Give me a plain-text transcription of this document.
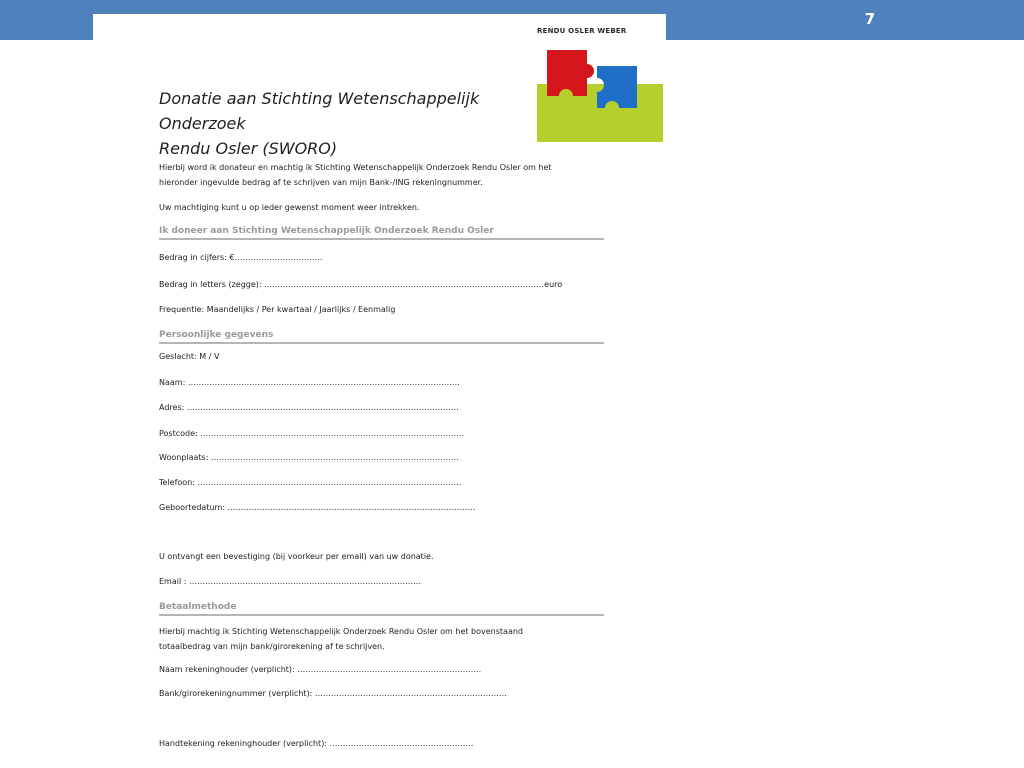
7
RENDU OSLER WEBER
Donatie aan Stichting Wetenschappelijk Onderzoek
Rendu Osler (SWORO)
Hierbij word ik donateur en machtig ik Stichting Wetenschappelijk Onderzoek Rendu Osler om het
hieronder ingevulde bedrag af te schrijven van mijn Bank-/ING rekeningnummer.
Uw machtiging kunt u op ieder gewenst moment weer intrekken.
Ik doneer aan Stichting Wetenschappelijk Onderzoek Rendu Osler
Bedrag in cijfers: €……………………………
Bedrag in letters (zegge): ……………………………………………………………………………………………euro
Frequentie: Maandelijks / Per kwartaal / Jaarlijks / Eenmalig
Persoonlijke gegevens
Geslacht: M / V
Naam: …………………………………………………………………………………………
Adres: …………………………………………………………………………………………
Postcode: ………………………………………………………………………………………
Woonplaats: …………………………………………………………………………………
Telefoon: ………………………………………………………………………………………
Geboortedatum: …………………………………………………………………………………
U ontvangt een bevestiging (bij voorkeur per email) van uw donatie.
Email : ……………………………………………………………………………
Betaalmethode
Hierbij machtig ik Stichting Wetenschappelijk Onderzoek Rendu Osler om het bovenstaand
totaalbedrag van mijn bank/girorekening af te schrijven.
Naam rekeninghouder (verplicht): ……………………………………………………………
Bank/girorekeningnummer (verplicht): ………………………………………………………………
Handtekening rekeninghouder (verplicht): ………………………………………………
